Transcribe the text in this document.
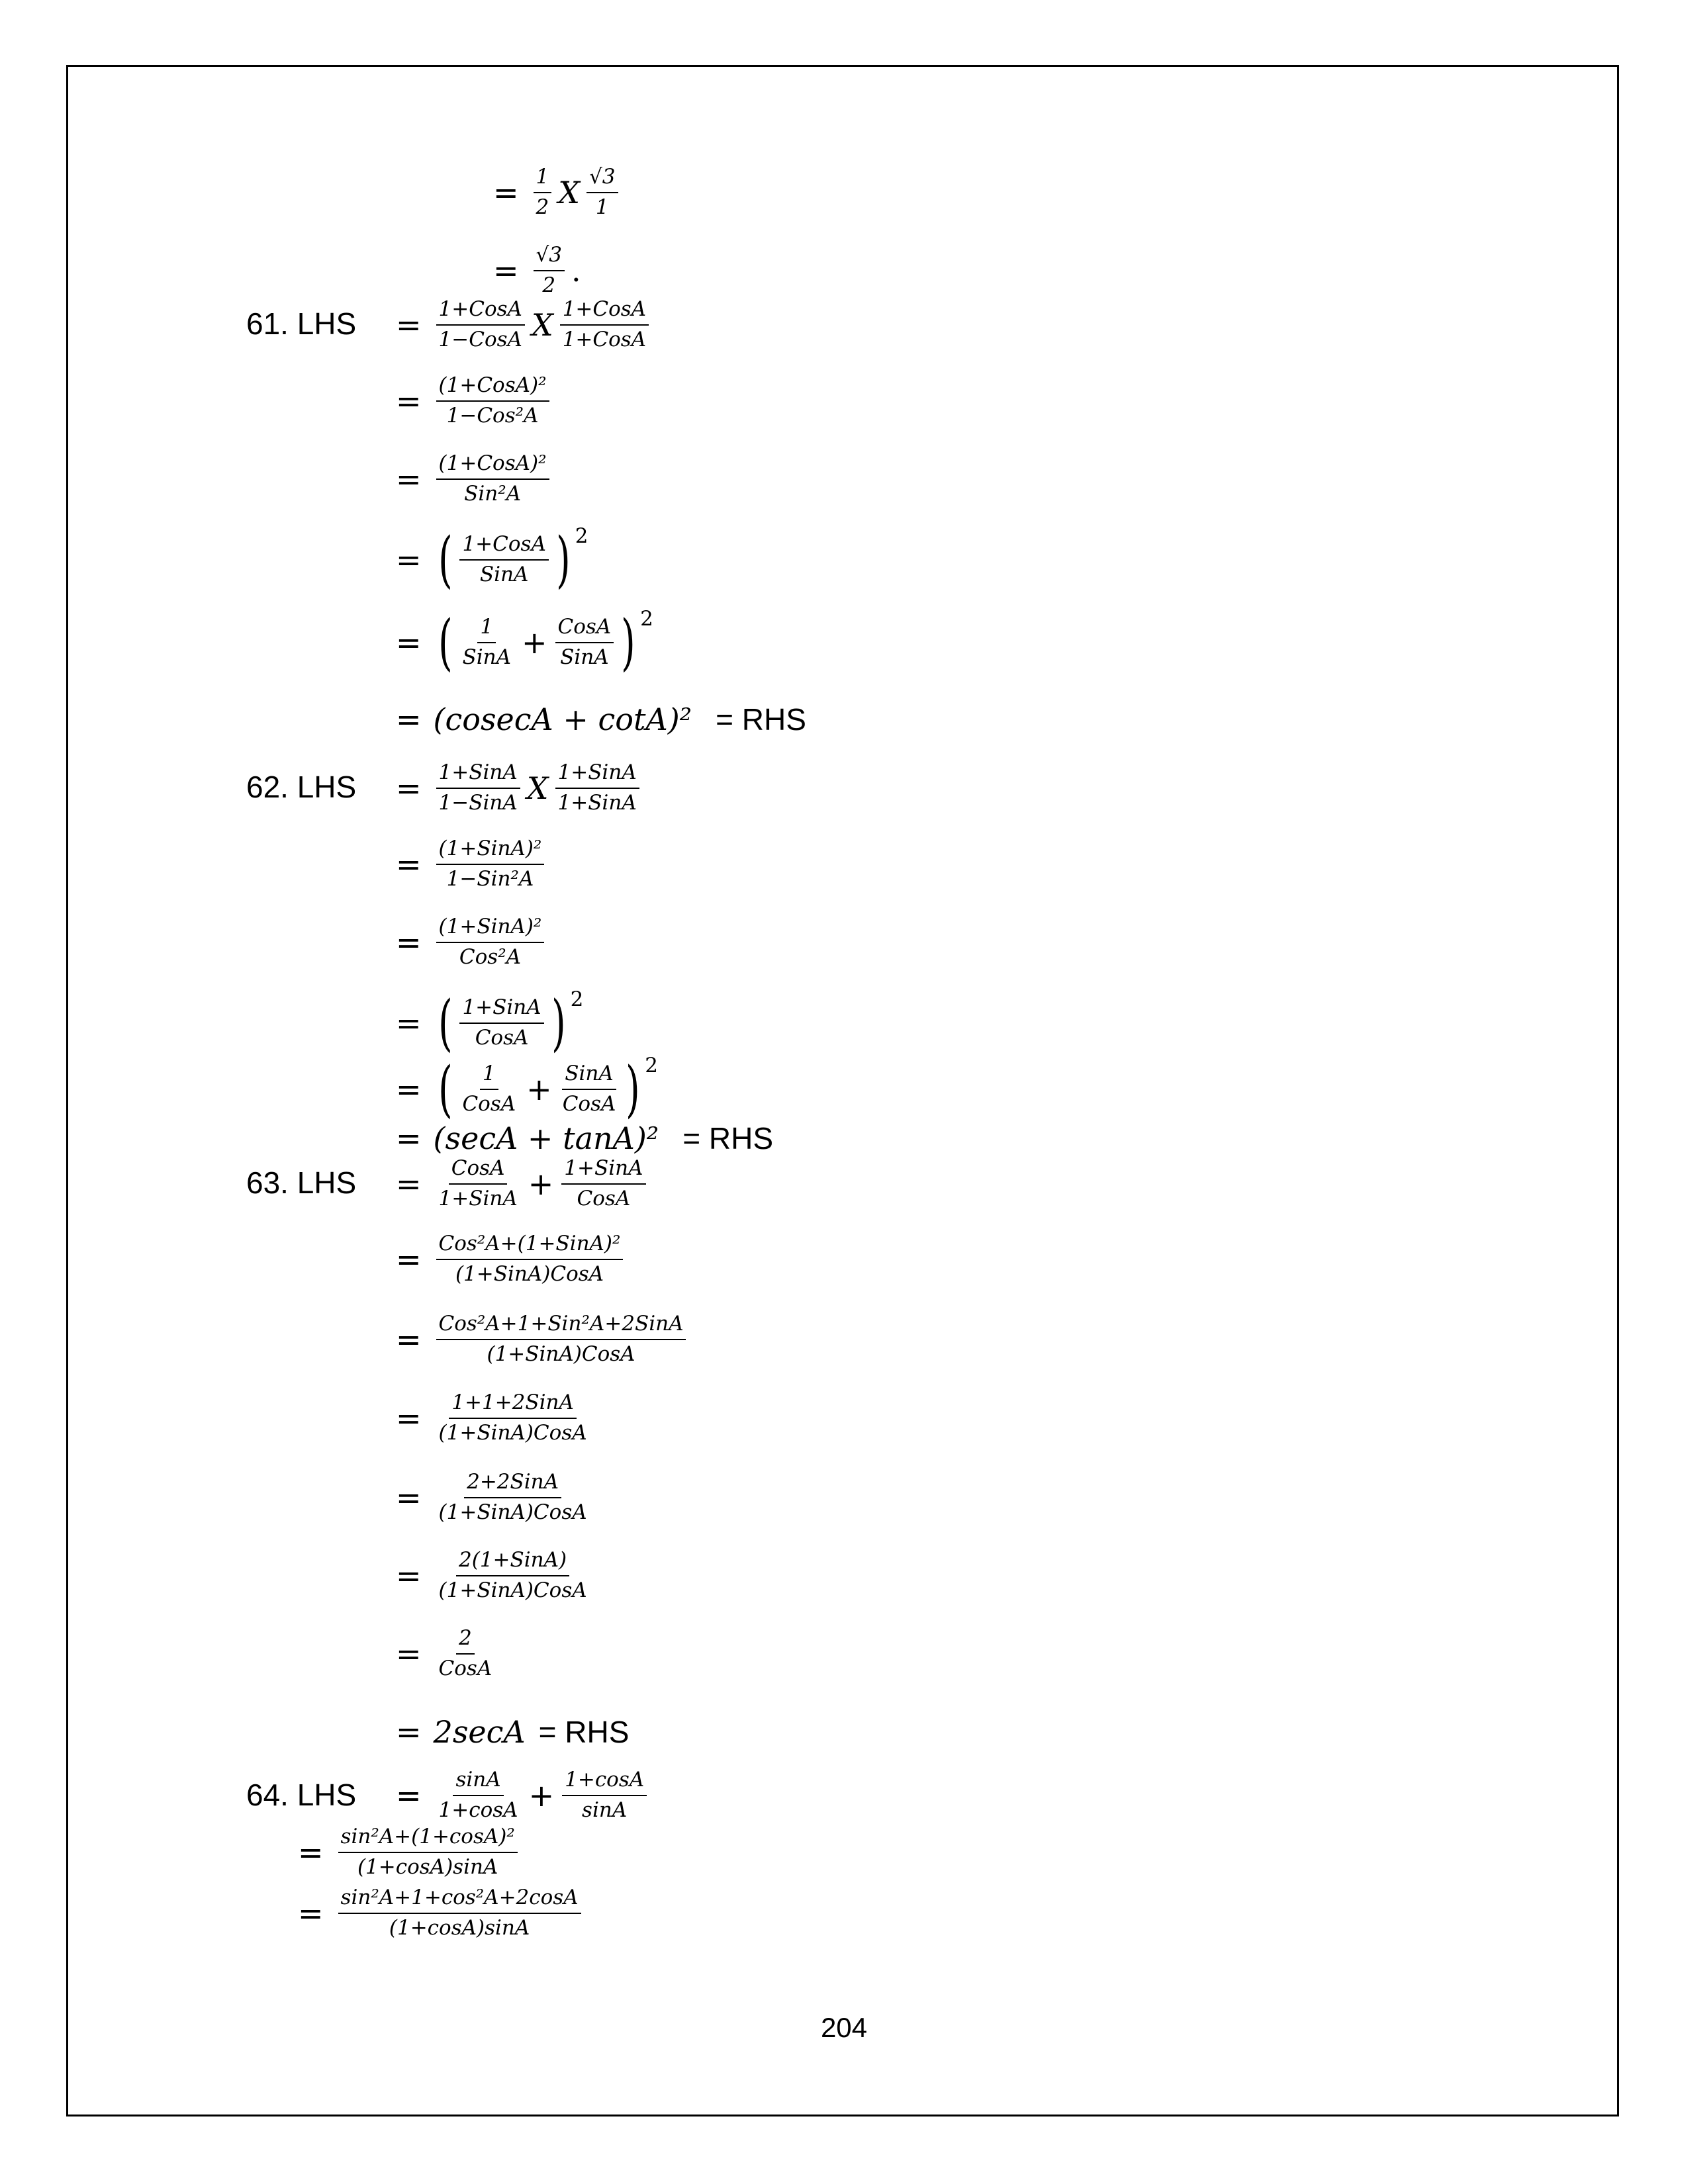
= $\frac{1}{2}$ X $\frac{√3}{1}$
= $\frac{√3}{2}$ .
61. LHS = $\frac{\text{1+CosA}}{\text{1−CosA}}$ X $\frac{\text{1+CosA}}{\text{1+CosA}}$
= $\frac{\text{(1+CosA)²}}{\text{1−Cos²A}}$
= $\frac{\text{(1+CosA)²}}{\text{Sin²A}}$
= ( $\frac{\text{1+CosA}}{\text{SinA}}$ ) 2
= ( $\frac{1}{\text{SinA}} + \frac{\text{CosA}}{\text{SinA}}$ ) 2
= (cosecA + cotA)² = RHS
62. LHS = $\frac{\text{1+SinA}}{\text{1−SinA}}$ X $\frac{\text{1+SinA}}{\text{1+SinA}}$
= $\frac{\text{(1+SinA)²}}{\text{1−Sin²A}}$
= $\frac{\text{(1+SinA)²}}{\text{Cos²A}}$
= ( $\frac{\text{1+SinA}}{\text{CosA}}$ ) 2
= ( $\frac{1}{\text{CosA}} + \frac{\text{SinA}}{\text{CosA}}$ ) 2
= (secA + tanA)² = RHS
63. LHS = $\frac{\text{CosA}}{\text{1+SinA}} + \frac{\text{1+SinA}}{\text{CosA}}$
= $\frac{\text{Cos²A+(1+SinA)²}}{\text{(1+SinA)CosA}}$
= $\frac{\text{Cos²A+1+Sin²A+2SinA}}{\text{(1+SinA)CosA}}$
= $\frac{\text{1+1+2SinA}}{\text{(1+SinA)CosA}}$
= $\frac{\text{2+2SinA}}{\text{(1+SinA)CosA}}$
= $\frac{\text{2(1+SinA)}}{\text{(1+SinA)CosA}}$
= $\frac{2}{\text{CosA}}$
= 2secA = RHS
64. LHS = $\frac{\sin A}{1+\cos A} + \frac{1+\cos A}{\sin A}$
= $\frac{\text{sin²A+(1+cosA)²}}{(1+\cos A)\sin A}$
= $\frac{\text{sin²A+1+cos²A+2cosA}}{(1+\cos A)\sin A}$
204
